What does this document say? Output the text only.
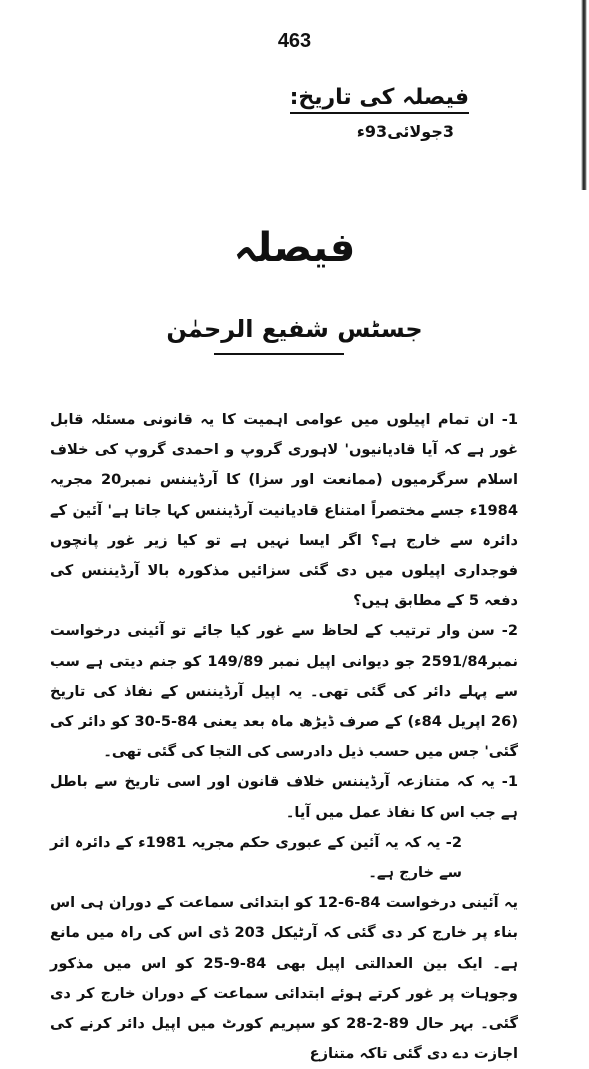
463
فیصلہ کی تاریخ:
3جولائی93ء
فیصلہ
جسٹس شفیع الرحمٰن

1- ان تمام اپیلوں میں عوامی اہمیت کا یہ قانونی مسئلہ قابل غور ہے کہ آیا قادیانیوں' لاہوری گروپ و احمدی گروپ کی خلاف اسلام سرگرمیوں (ممانعت اور سزا) کا آرڈیننس نمبر20 مجریہ 1984ء جسے مختصراً امتناع قادیانیت آرڈیننس کہا جاتا ہے' آئین کے دائرہ سے خارج ہے؟ اگر ایسا نہیں ہے تو کیا زیر غور پانچوں فوجداری اپیلوں میں دی گئی سزائیں مذکورہ بالا آرڈیننس کی دفعہ 5 کے مطابق ہیں؟

2- سن وار ترتیب کے لحاظ سے غور کیا جائے تو آئینی درخواست نمبر2591/84 جو دیوانی اپیل نمبر 149/89 کو جنم دیتی ہے سب سے پہلے دائر کی گئی تھی۔ یہ اپیل آرڈیننس کے نفاذ کی تاریخ (26 اپریل 84ء) کے صرف ڈیڑھ ماہ بعد یعنی 84-5-30 کو دائر کی گئی' جس میں حسب ذیل دادرسی کی التجا کی گئی تھی۔

1- یہ کہ متنازعہ آرڈیننس خلاف قانون اور اسی تاریخ سے باطل ہے جب اس کا نفاذ عمل میں آیا۔

2- یہ کہ یہ آئین کے عبوری حکم مجریہ 1981ء کے دائرہ اثر سے خارج ہے۔

یہ آئینی درخواست 84-6-12 کو ابتدائی سماعت کے دوران ہی اس بناء پر خارج کر دی گئی کہ آرٹیکل 203 ڈی اس کی راہ میں مانع ہے۔ ایک بین العدالتی اپیل بھی 84-9-25 کو اس میں مذکور وجوہات پر غور کرتے ہوئے ابتدائی سماعت کے دوران خارج کر دی گئی۔ بہر حال 89-2-28 کو سپریم کورٹ میں اپیل دائر کرنے کی اجازت دے دی گئی تاکہ متنازع
